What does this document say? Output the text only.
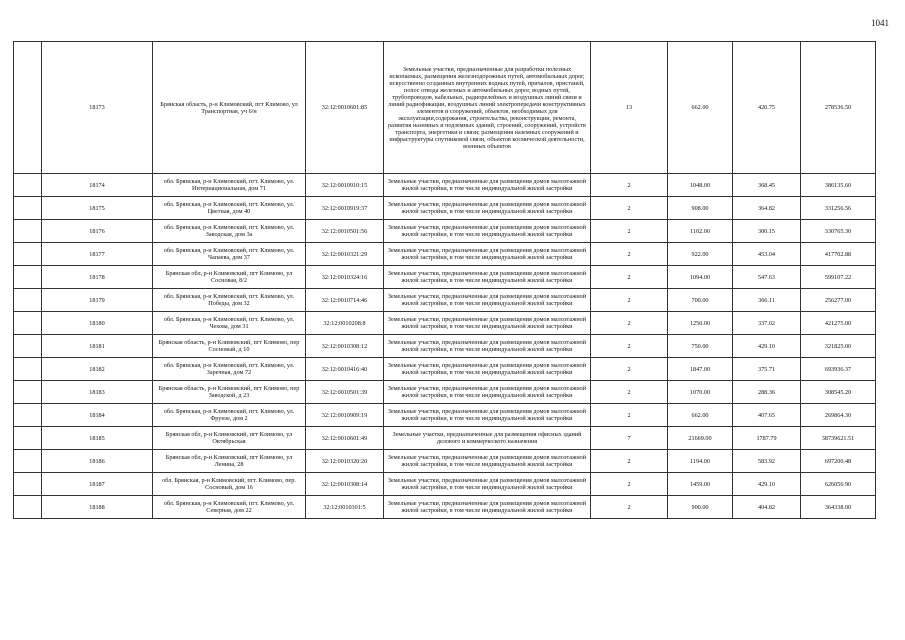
1041
	18173	Брянская область, р-н Климовский, пгт Климово, ул Транспортная, уч 6/н	32:12:0010601:85	Земельные участки, предназначенные для разработки полезных ископаемых, размещения железнодорожных путей, автомобильных дорог, искусственно созданных внутренних водных путей, причалов, пристаней, полос отвода железных и автомобильных дорог, водных путей, трубопроводов, кабельных, радиорелейных и воздушных линий связи и линий радиофикации, воздушных линий электропередачи конструктивных элементов и сооружений, объектов, необходимых для эксплуатации,содержания, строительства, реконструкции, ремонта, развития наземных и подземных зданий, строений, сооружений, устройств транспорта, энергетики и связи; размещения наземных сооружений и инфраструктуры спутниковой связи, объектов космической деятельности, военных объектов	13	662.00	420.75	278536.50
	18174	обл. Брянская, р-н Климовский, пгт. Климово, ул. Интернациональная, дом 71	32:12:0010910:15	Земельные участки, предназначенные для размещения домов малоэтажной жилой застройки, в том числе индивидуальной жилой застройки	2	1048.00	368.45	386135.60
	18175	обл. Брянская, р-н Климовский, пгт. Климово, ул. Цветная, дом 40	32:12:0010919:37	Земельные участки, предназначенные для размещения домов малоэтажной жилой застройки, в том числе индивидуальной жилой застройки	2	908.00	364.82	331256.56
	18176	обл. Брянская, р-н Климовский, пгт. Климово, ул. Заводская, дом 3а	32:12:0010501:56	Земельные участки, предназначенные для размещения домов малоэтажной жилой застройки, в том числе индивидуальной жилой застройки	2	1102.00	300.15	330765.30
	18177	обл. Брянская, р-н Климовский, пгт. Климово, ул. Чапаева, дом 37	32:12:0010321:29	Земельные участки, предназначенные для размещения домов малоэтажной жилой застройки, в том числе индивидуальной жилой застройки	2	922.00	453.04	417702.88
	18178	Брянская обл, р-н Климовский, пгт Климово, ул Сосновая, 8/2	32:12:0010324:16	Земельные участки, предназначенные для размещения домов малоэтажной жилой застройки, в том числе индивидуальной жилой застройки	2	1094.00	547.63	599107.22
	18179	обл. Брянская, р-н Климовский, пгт. Климово, ул. Победы, дом 32	32:12:0010714:46	Земельные участки, предназначенные для размещения домов малоэтажной жилой застройки, в том числе индивидуальной жилой застройки	2	700.00	366.11	256277.00
	18180	обл. Брянская, р-н Климовский, пгт. Климово, ул. Чехова, дом 31	32:12:0010208:8	Земельные участки, предназначенные для размещения домов малоэтажной жилой застройки, в том числе индивидуальной жилой застройки	2	1250.00	337.02	421275.00
	18181	Брянская область, р-н Климовский, пгт Климово, пер Сосновый, д 10	32:12:0010308:12	Земельные участки, предназначенные для размещения домов малоэтажной жилой застройки, в том числе индивидуальной жилой застройки	2	750.00	429.10	321825.00
	18182	обл. Брянская, р-н Климовский, пгт. Климово, ул. Заречная, дом 72	32:12:0010416:40	Земельные участки, предназначенные для размещения домов малоэтажной жилой застройки, в том числе индивидуальной жилой застройки	2	1847.00	375.71	693936.37
	18183	Брянская область, р-н Климовский, пгт Климово, пер Заводской, д 23	32:12:0010501:39	Земельные участки, предназначенные для размещения домов малоэтажной жилой застройки, в том числе индивидуальной жилой застройки	2	1070.00	288.36	308545.20
	18184	обл. Брянская, р-н Климовский, пгт. Климово, ул. Фрунзе, дом 2	32:12:0010909:19	Земельные участки, предназначенные для размещения домов малоэтажной жилой застройки, в том числе индивидуальной жилой застройки	2	662.00	407.65	269864.30
	18185	Брянская обл, р-н Климовский, пгт Климово, ул Октябрьская	32:12:0010601:49	Земельные участки, предназначенные для размещения офисных зданий делового и коммерческого назначения	7	21669.00	1787.79	38739621.51
	18186	Брянская обл, р-н Климовский, пгт Климово, ул Ленина, 28	32:12:0010320:20	Земельные участки, предназначенные для размещения домов малоэтажной жилой застройки, в том числе индивидуальной жилой застройки	2	1194.00	583.92	697200.48
	18187	обл. Брянская, р-н Климовский, пгт. Климово, пер. Сосновый, дом 16	32:12:0010308:14	Земельные участки, предназначенные для размещения домов малоэтажной жилой застройки, в том числе индивидуальной жилой застройки	2	1459.00	429.10	626056.90
	18188	обл. Брянская, р-н Климовский, пгт. Климово, ул. Северная, дом 22	32:12:0010301:5	Земельные участки, предназначенные для размещения домов малоэтажной жилой застройки, в том числе индивидуальной жилой застройки	2	900.00	404.82	364338.00
